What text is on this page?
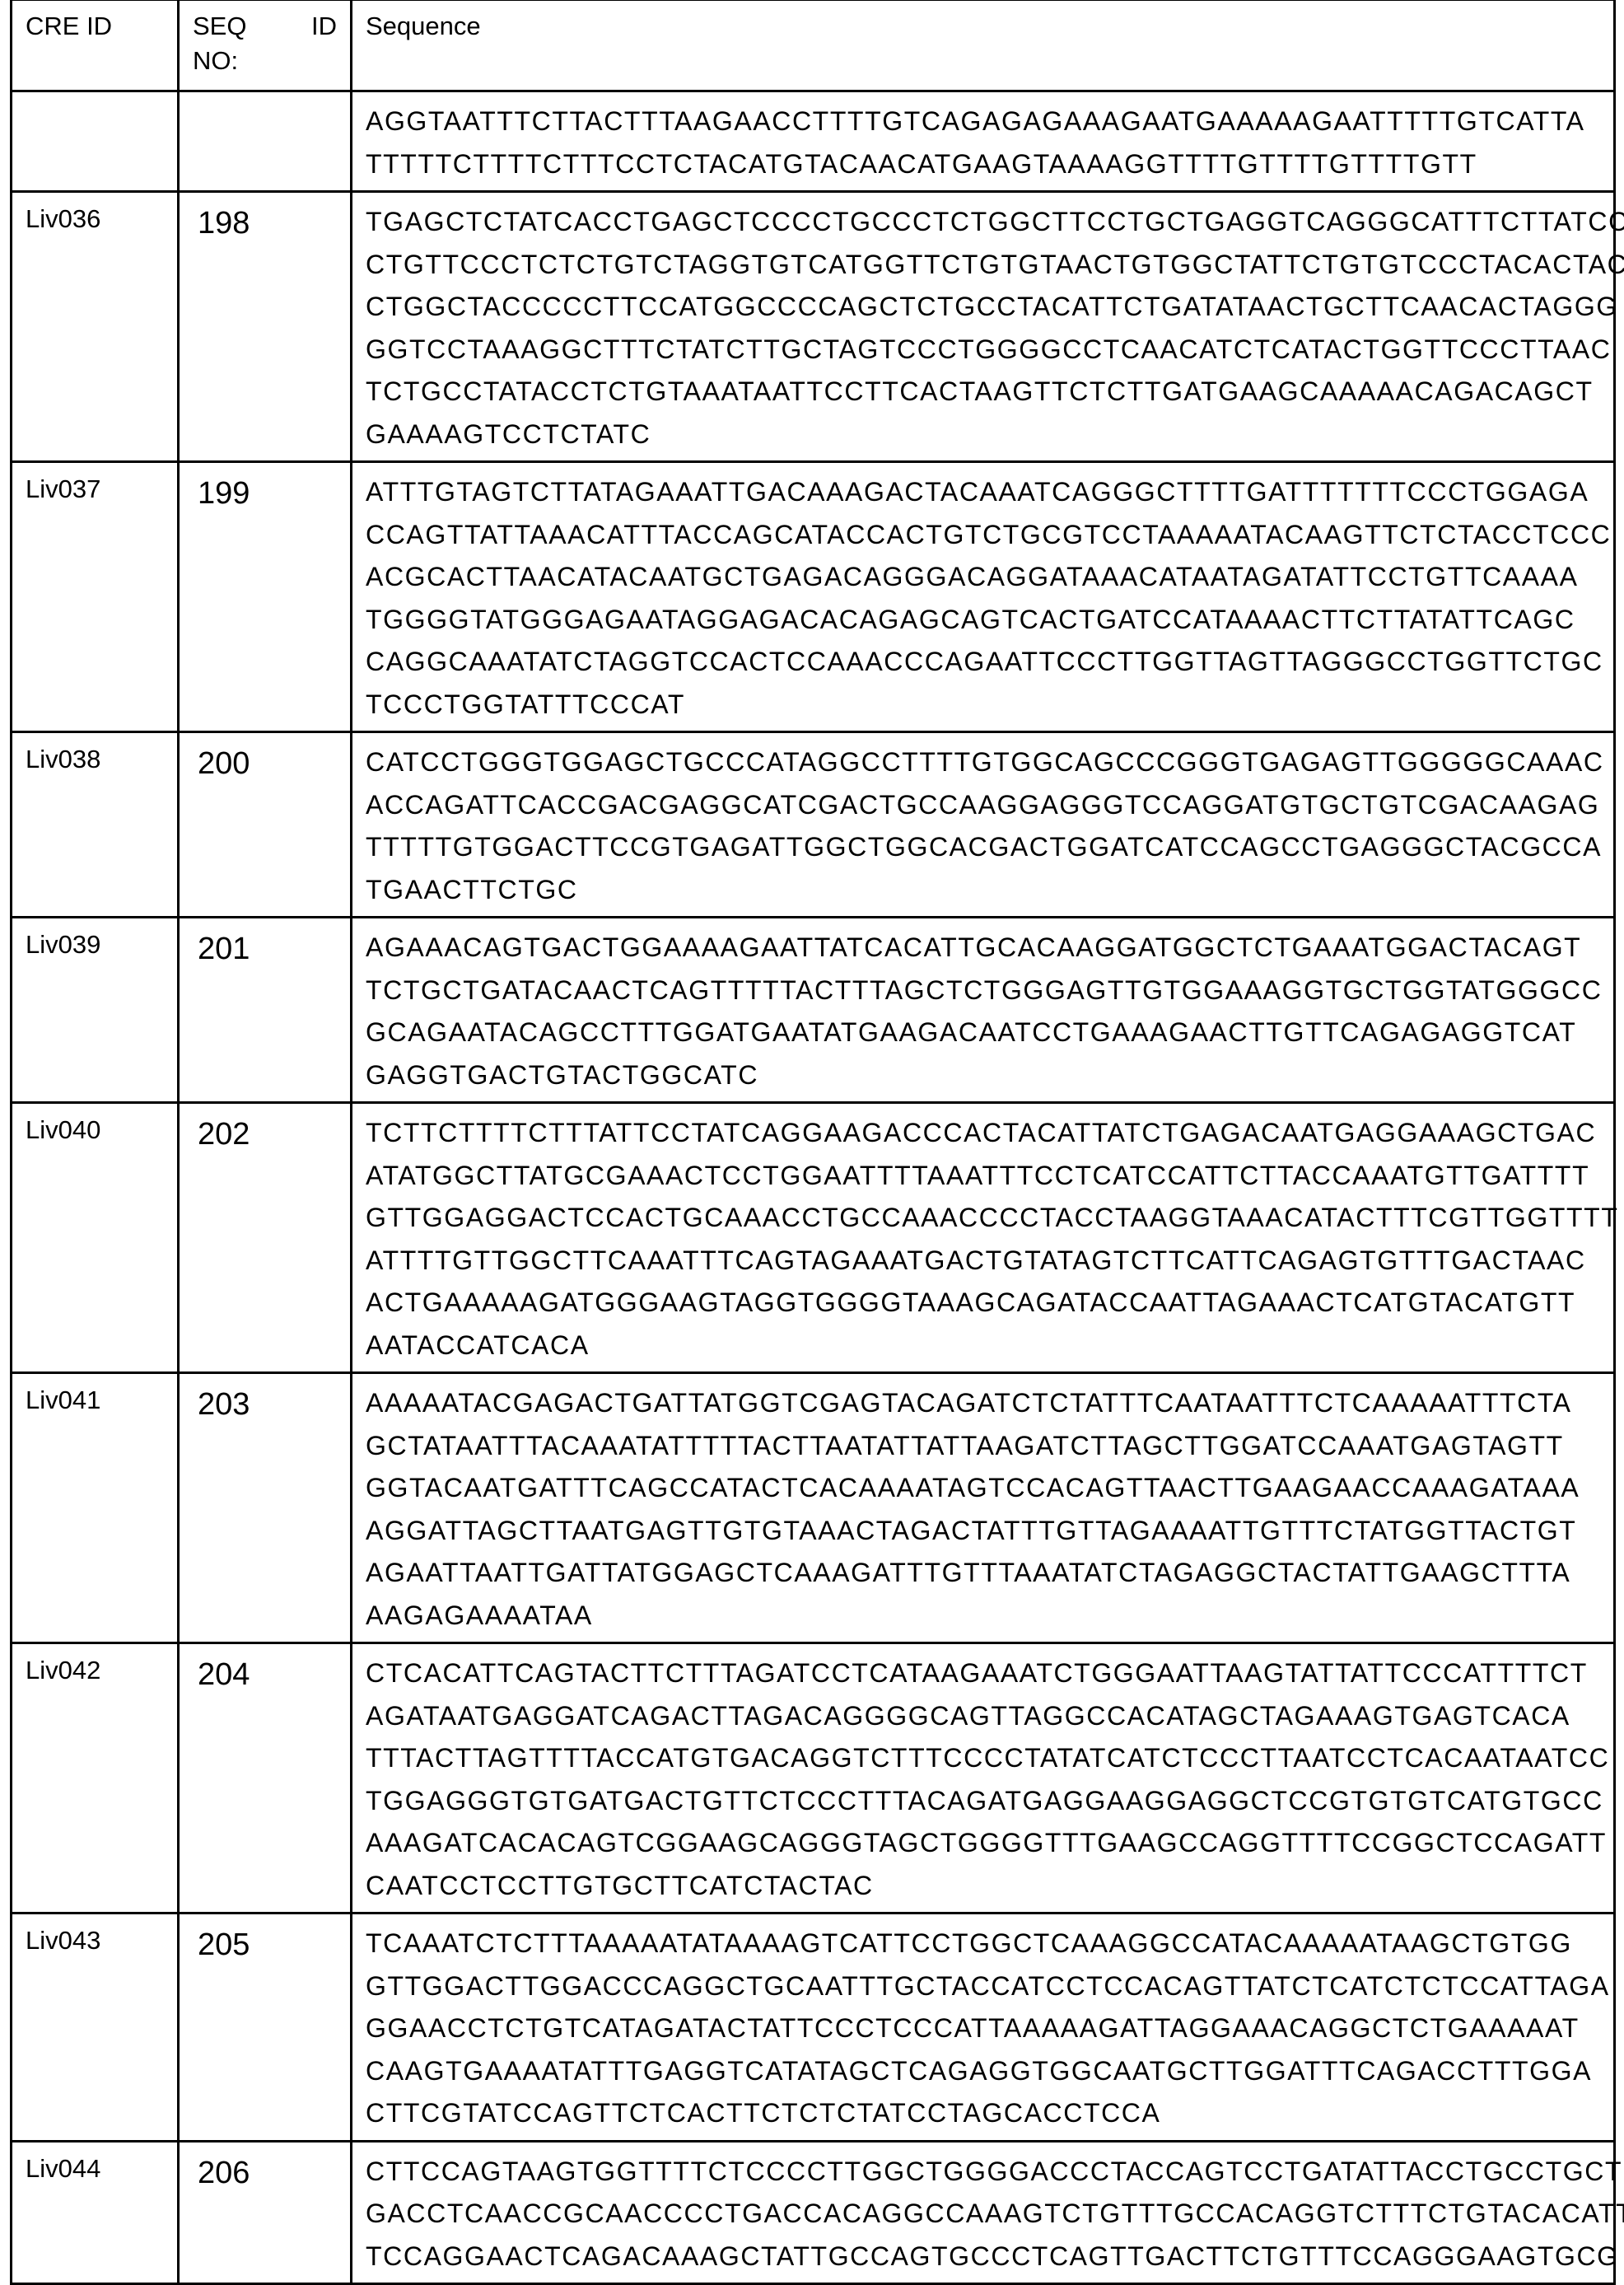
CRE ID	SEQ	ID
NO:
	Sequence

AGGTAATTTCTTACTTTAAGAACCTTTTGTCAGAGAGAAAGAATGAAAAAGAATTTTTGTCATTA
TTTTTCTTTTCTTTCCTCTACATGTACAACATGAAGTAAAAGGTTTTGTTTTGTTTTGTT

Liv036	198	TGAGCTCTATCACCTGAGCTCCCCTGCCCTCTGGCTTCCTGCTGAGGTCAGGGCATTTCTTATCC
CTGTTCCCTCTCTGTCTAGGTGTCATGGTTCTGTGTAACTGTGGCTATTCTGTGTCCCTACACTAC
CTGGCTACCCCCTTCCATGGCCCCAGCTCTGCCTACATTCTGATATAACTGCTTCAACACTAGGG
GGTCCTAAAGGCTTTCTATCTTGCTAGTCCCTGGGGCCTCAACATCTCATACTGGTTCCCTTAAC
TCTGCCTATACCTCTGTAAATAATTCCTTCACTAAGTTCTCTTGATGAAGCAAAAACAGACAGCT
GAAAAGTCCTCTATC

Liv037	199	ATTTGTAGTCTTATAGAAATTGACAAAGACTACAAATCAGGGCTTTTGATTTTTTTCCCTGGAGA
CCAGTTATTAAACATTTACCAGCATACCACTGTCTGCGTCCTAAAAATACAAGTTCTCTACCTCCC
ACGCACTTAACATACAATGCTGAGACAGGGACAGGATAAACATAATAGATATTCCTGTTCAAAA
TGGGGTATGGGAGAATAGGAGACACAGAGCAGTCACTGATCCATAAAACTTCTTATATTCAGC
CAGGCAAATATCTAGGTCCACTCCAAACCCAGAATTCCCTTGGTTAGTTAGGGCCTGGTTCTGC
TCCCTGGTATTTCCCAT

Liv038	200	CATCCTGGGTGGAGCTGCCCATAGGCCTTTTGTGGCAGCCCGGGTGAGAGTTGGGGGCAAAC
ACCAGATTCACCGACGAGGCATCGACTGCCAAGGAGGGTCCAGGATGTGCTGTCGACAAGAG
TTTTTGTGGACTTCCGTGAGATTGGCTGGCACGACTGGATCATCCAGCCTGAGGGCTACGCCA
TGAACTTCTGC

Liv039	201	AGAAACAGTGACTGGAAAAGAATTATCACATTGCACAAGGATGGCTCTGAAATGGACTACAGT
TCTGCTGATACAACTCAGTTTTTACTTTAGCTCTGGGAGTTGTGGAAAGGTGCTGGTATGGGCC
GCAGAATACAGCCTTTGGATGAATATGAAGACAATCCTGAAAGAACTTGTTCAGAGAGGTCAT
GAGGTGACTGTACTGGCATC

Liv040	202	TCTTCTTTTCTTTATTCCTATCAGGAAGACCCACTACATTATCTGAGACAATGAGGAAAGCTGAC
ATATGGCTTATGCGAAACTCCTGGAATTTTAAATTTCCTCATCCATTCTTACCAAATGTTGATTTT
GTTGGAGGACTCCACTGCAAACCTGCCAAACCCCTACCTAAGGTAAACATACTTTCGTTGGTTTT
ATTTTGTTGGCTTCAAATTTCAGTAGAAATGACTGTATAGTCTTCATTCAGAGTGTTTGACTAAC
ACTGAAAAAGATGGGAAGTAGGTGGGGTAAAGCAGATACCAATTAGAAACTCATGTACATGTT
AATACCATCACA

Liv041	203	AAAAATACGAGACTGATTATGGTCGAGTACAGATCTCTATTTCAATAATTTCTCAAAAATTTCTA
GCTATAATTTACAAATATTTTTACTTAATATTATTAAGATCTTAGCTTGGATCCAAATGAGTAGTT
GGTACAATGATTTCAGCCATACTCACAAAATAGTCCACAGTTAACTTGAAGAACCAAAGATAAA
AGGATTAGCTTAATGAGTTGTGTAAACTAGACTATTTGTTAGAAAATTGTTTCTATGGTTACTGT
AGAATTAATTGATTATGGAGCTCAAAGATTTGTTTAAATATCTAGAGGCTACTATTGAAGCTTTA
AAGAGAAAATAA

Liv042	204	CTCACATTCAGTACTTCTTTAGATCCTCATAAGAAATCTGGGAATTAAGTATTATTCCCATTTTCT
AGATAATGAGGATCAGACTTAGACAGGGGCAGTTAGGCCACATAGCTAGAAAGTGAGTCACA
TTTACTTAGTTTTACCATGTGACAGGTCTTTCCCCTATATCATCTCCCTTAATCCTCACAATAATCC
TGGAGGGTGTGATGACTGTTCTCCCTTTACAGATGAGGAAGGAGGCTCCGTGTGTCATGTGCC
AAAGATCACACAGTCGGAAGCAGGGTAGCTGGGGTTTGAAGCCAGGTTTTCCGGCTCCAGATT
CAATCCTCCTTGTGCTTCATCTACTAC

Liv043	205	TCAAATCTCTTTAAAAATATAAAAGTCATTCCTGGCTCAAAGGCCATACAAAAATAAGCTGTGG
GTTGGACTTGGACCCAGGCTGCAATTTGCTACCATCCTCCACAGTTATCTCATCTCTCCATTAGA
GGAACCTCTGTCATAGATACTATTCCCTCCCATTAAAAAGATTAGGAAACAGGCTCTGAAAAAT
CAAGTGAAAATATTTGAGGTCATATAGCTCAGAGGTGGCAATGCTTGGATTTCAGACCTTTGGA
CTTCGTATCCAGTTCTCACTTCTCTCTATCCTAGCACCTCCA

Liv044	206	CTTCCAGTAAGTGGTTTTCTCCCCTTGGCTGGGGACCCTACCAGTCCTGATATTACCTGCCTGCT
GACCTCAACCGCAACCCCTGACCACAGGCCAAAGTCTGTTTGCCACAGGTCTTTCTGTACACATT
TCCAGGAACTCAGACAAAGCTATTGCCAGTGCCCTCAGTTGACTTCTGTTTCCAGGGAAGTGCG
